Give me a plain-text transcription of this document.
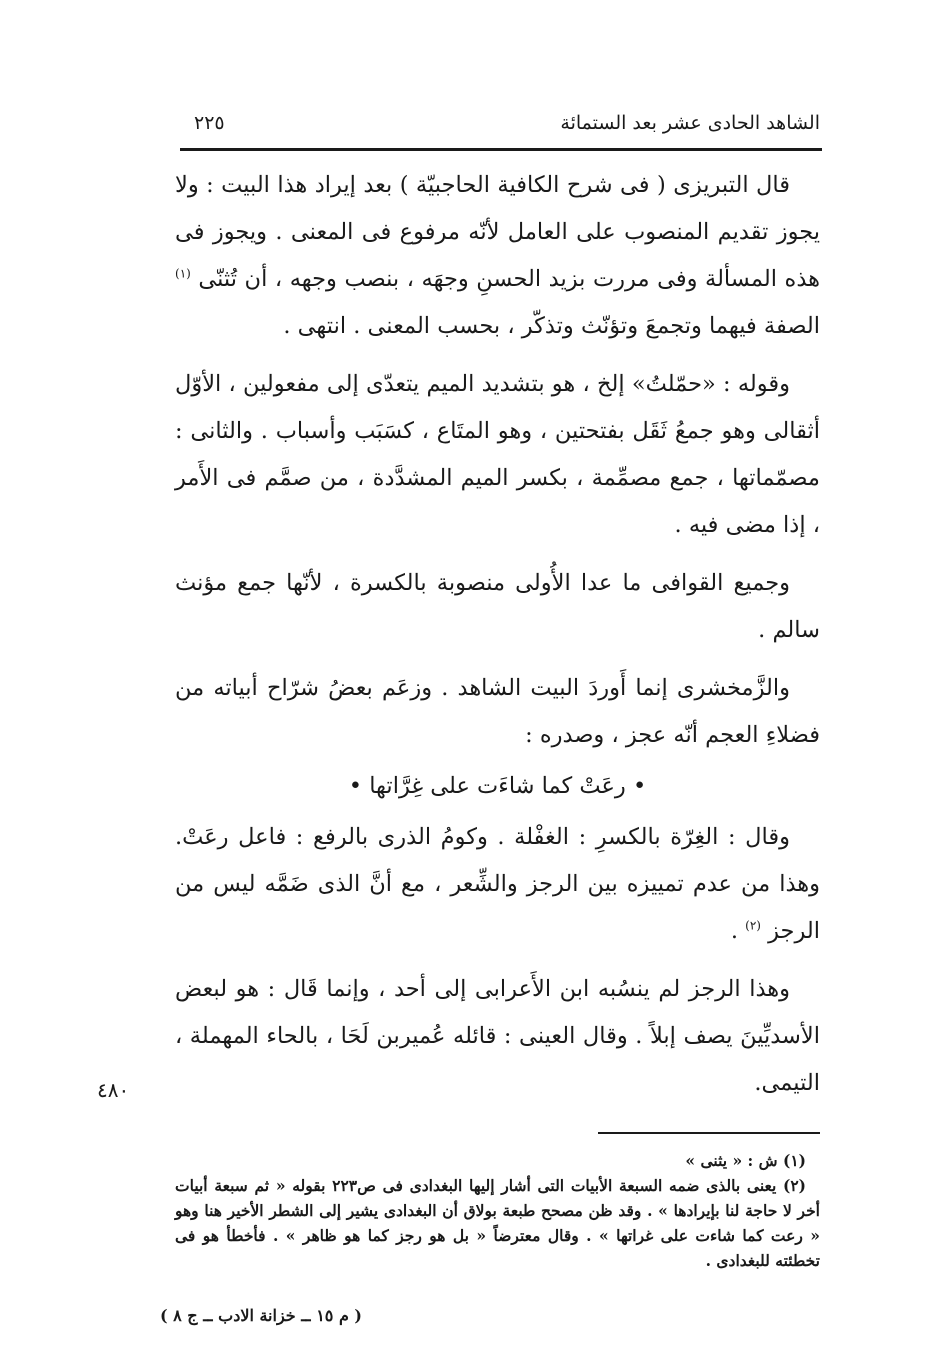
الشاهد الحادى عشر بعد الستمائة
٢٢٥

قال التبريزى ( فى شرح الكافية الحاجبيّة ) بعد إيراد هذا البيت : ولا يجوز تقديم المنصوب على العامل لأنّه مرفوع فى المعنى . ويجوز فى هذه المسألة وفى مررت بزيد الحسنِ وجهَه ، بنصب وجهه ، أن تُثنّى $^{(١)}$ الصفة فيهما وتجمعَ وتؤنّث وتذكّر ، بحسب المعنى . انتهى .

وقوله : «حمّلتُ» إلخ ، هو بتشديد الميم يتعدّى إلى مفعولين ، الأوّل أثقالى وهو جمعُ ثَقَل بفتحتين ، وهو المتَاع ، كسَبَب وأسباب . والثانى : مصمّماتها ، جمع مصمِّمة ، بكسر الميم المشدَّدة ، من صمَّم فى الأَمر ، إذا مضى فيه .

وجميع القوافى ما عدا الأُولى منصوبة بالكسرة ، لأنّها جمع مؤنث سالم .

والزَّمخشرى إنما أَوردَ البيت الشاهد . وزعَم بعضُ شرّاح أبياته من فضلاءِ العجم أنّه عجز ، وصدره :

• رعَتْ كما شاءَت على غِرَّاتها •

وقال : الغِرّة بالكسرِ : الغفْلة . وكومُ الذرى بالرفع : فاعل رعَتْ. وهذا من عدم تمييزه بين الرجز والشِّعر ، مع أنَّ الذى ضَمَّه ليس من الرجز $^{(٢)}$ .

وهذا الرجز لم ينسُبه ابن الأَعرابى إلى أحد ، وإنما قَال : هو لبعض الأسديِّينَ يصف إبلاً . وقال العينى : قائله عُميربن لَحَا ، بالحاء المهملة ، التيمى.

٤٨٠

(١) ش : « يثنى »

(٢) يعنى بالذى ضمه السبعة الأبيات التى أشار إليها البغدادى فى ص٢٢٣ بقوله « ثم سبعة أبيات أخر لا حاجة لنا بإيرادها » . وقد ظن مصحح طبعة بولاق أن البغدادى يشير إلى الشطر الأخير هنا وهو « رعت كما شاءت على غراتها » . وقال معترضاً « بل هو رجز كما هو ظاهر » . فأخطأ هو فى تخطئته للبغدادى .

( م ١٥ ــ خزانة الادب ــ ج ٨ )
